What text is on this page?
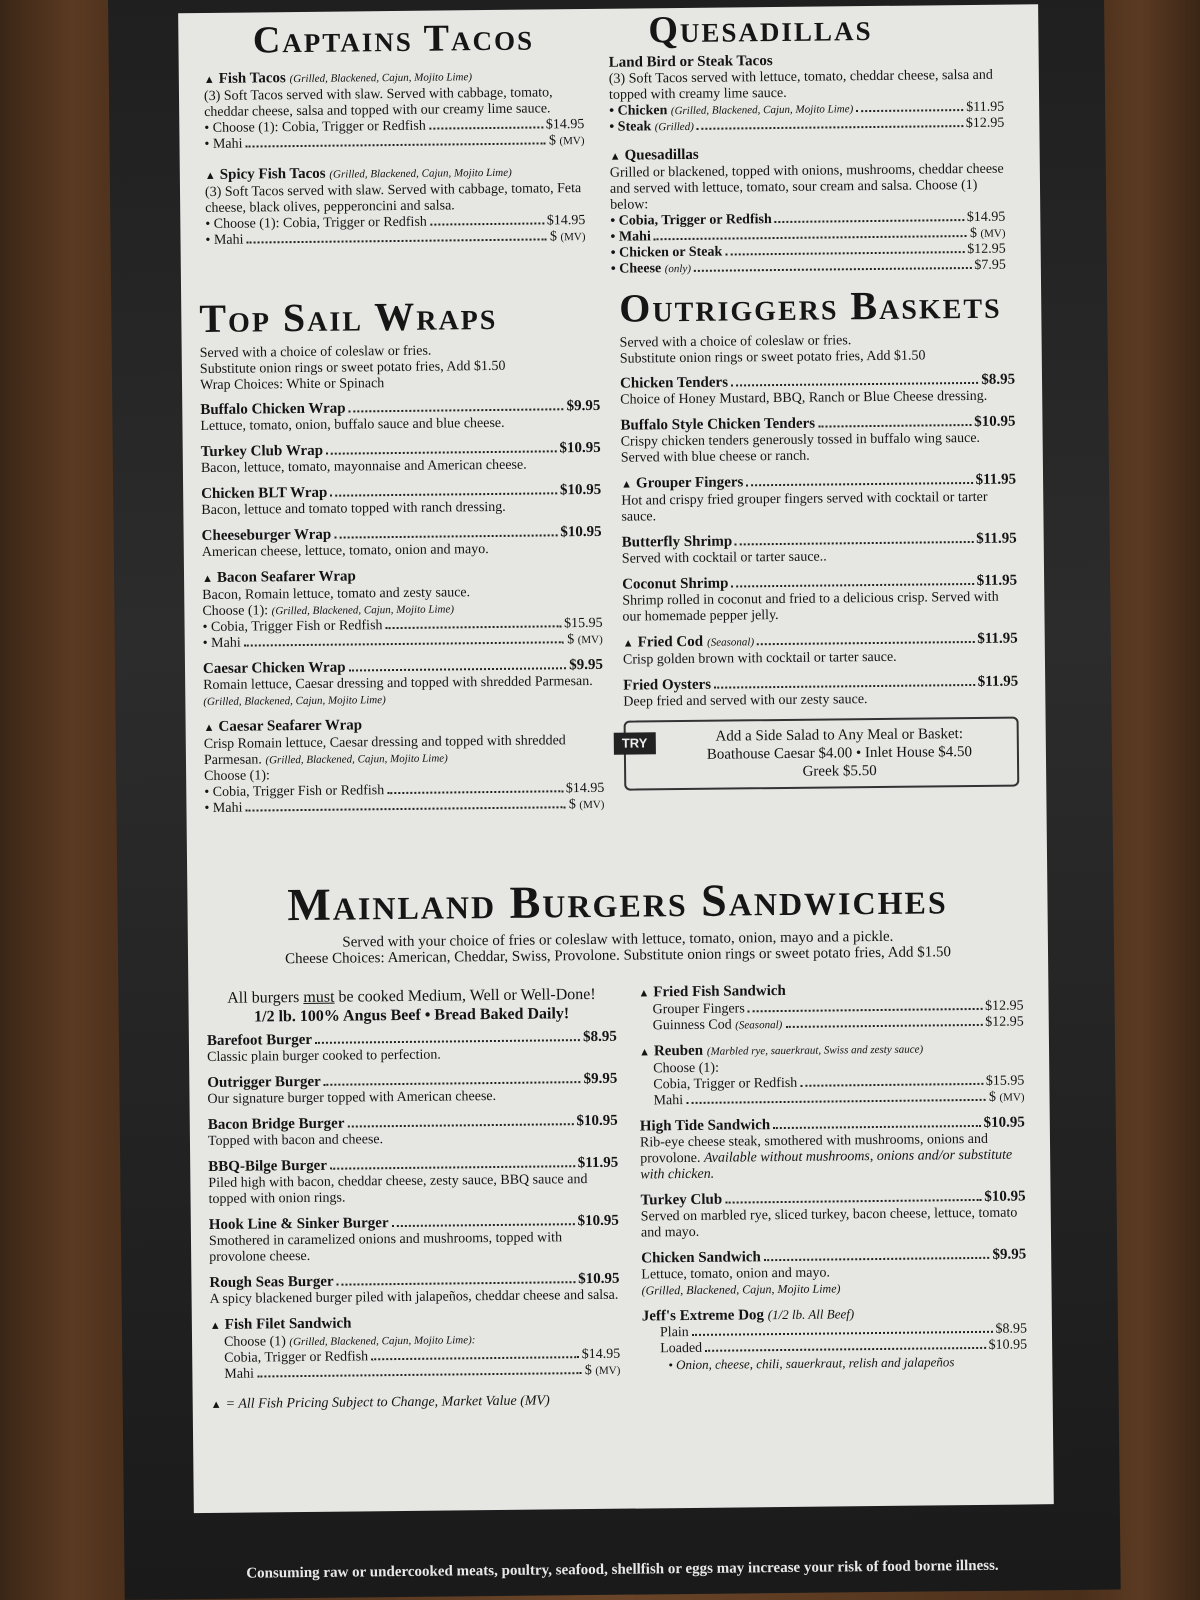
Captains Tacos
▲ Fish Tacos
(Grilled, Blackened, Cajun, Mojito Lime)
(3) Soft Tacos served with slaw. Served with cabbage, tomato, cheddar cheese, salsa and topped with our creamy lime sauce.
• Choose (1): Cobia, Trigger or Redfish	$14.95
• Mahi	$
(MV)
▲ Spicy Fish Tacos
(Grilled, Blackened, Cajun, Mojito Lime)
(3) Soft Tacos served with slaw. Served with cabbage, tomato, Feta cheese, black olives, pepperoncini and salsa.
• Choose (1): Cobia, Trigger or Redfish	$14.95
• Mahi	$
(MV)
Quesadillas
Land Bird or Steak Tacos
(3) Soft Tacos served with lettuce, tomato, cheddar cheese, salsa and topped with creamy lime sauce.
• Chicken
(Grilled, Blackened, Cajun, Mojito Lime)	$11.95
• Steak
(Grilled)	$12.95
▲ Quesadillas
Grilled or blackened, topped with onions, mushrooms, cheddar cheese and served with lettuce, tomato, sour cream and salsa. Choose (1) below:
• Cobia, Trigger or Redfish	$14.95
• Mahi	$
(MV)
• Chicken or Steak	$12.95
• Cheese
(only)	$7.95
Top Sail Wraps
Served with a choice of coleslaw or fries.
Substitute onion rings or sweet potato fries, Add $1.50
Wrap Choices: White or Spinach
Buffalo Chicken Wrap	$9.95
Lettuce, tomato, onion, buffalo sauce and blue cheese.
Turkey Club Wrap	$10.95
Bacon, lettuce, tomato, mayonnaise and American cheese.
Chicken BLT Wrap	$10.95
Bacon, lettuce and tomato topped with ranch dressing.
Cheeseburger Wrap	$10.95
American cheese, lettuce, tomato, onion and mayo.
▲ Bacon Seafarer Wrap
Bacon, Romain lettuce, tomato and zesty sauce.
Choose (1): (Grilled, Blackened, Cajun, Mojito Lime)
• Cobia, Trigger Fish or Redfish	$15.95
• Mahi	$
(MV)
Caesar Chicken Wrap	$9.95
Romain lettuce, Caesar dressing and topped with shredded Parmesan. (Grilled, Blackened, Cajun, Mojito Lime)
▲ Caesar Seafarer Wrap
Crisp Romain lettuce, Caesar dressing and topped with shredded Parmesan. (Grilled, Blackened, Cajun, Mojito Lime)
Choose (1):
• Cobia, Trigger Fish or Redfish	$14.95
• Mahi	$
(MV)
Outriggers Baskets
Served with a choice of coleslaw or fries.
Substitute onion rings or sweet potato fries, Add $1.50
Chicken Tenders	$8.95
Choice of Honey Mustard, BBQ, Ranch or Blue Cheese dressing.
Buffalo Style Chicken Tenders	$10.95
Crispy chicken tenders generously tossed in buffalo wing sauce. Served with blue cheese or ranch.
▲ Grouper Fingers	$11.95
Hot and crispy fried grouper fingers served with cocktail or tarter sauce.
Butterfly Shrimp	$11.95
Served with cocktail or tarter sauce..
Coconut Shrimp	$11.95
Shrimp rolled in coconut and fried to a delicious crisp. Served with our homemade pepper jelly.
▲ Fried Cod (Seasonal)	$11.95
Crisp golden brown with cocktail or tarter sauce.
Fried Oysters	$11.95
Deep fried and served with our zesty sauce.
TRY	Add a Side Salad to Any Meal or Basket:
Boathouse Caesar $4.00 • Inlet House $4.50
Greek $5.50
Mainland Burgers Sandwiches
Served with your choice of fries or coleslaw with lettuce, tomato, onion, mayo and a pickle.
Cheese Choices: American, Cheddar, Swiss, Provolone. Substitute onion rings or sweet potato fries, Add $1.50
All burgers must be cooked Medium, Well or Well-Done!
1/2 lb. 100% Angus Beef • Bread Baked Daily!
Barefoot Burger	$8.95
Classic plain burger cooked to perfection.
Outrigger Burger	$9.95
Our signature burger topped with American cheese.
Bacon Bridge Burger	$10.95
Topped with bacon and cheese.
BBQ-Bilge Burger	$11.95
Piled high with bacon, cheddar cheese, zesty sauce, BBQ sauce and topped with onion rings.
Hook Line & Sinker Burger	$10.95
Smothered in caramelized onions and mushrooms, topped with provolone cheese.
Rough Seas Burger	$10.95
A spicy blackened burger piled with jalapeños, cheddar cheese and salsa.
▲ Fish Filet Sandwich
Choose (1) (Grilled, Blackened, Cajun, Mojito Lime):
Cobia, Trigger or Redfish	$14.95
Mahi	$
(MV)
▲ = All Fish Pricing Subject to Change, Market Value (MV)
▲ Fried Fish Sandwich
Grouper Fingers	$12.95
Guinness Cod
(Seasonal)	$12.95
▲ Reuben
(Marbled rye, sauerkraut, Swiss and zesty sauce)
Choose (1):
Cobia, Trigger or Redfish	$15.95
Mahi	$
(MV)
High Tide Sandwich	$10.95
Rib-eye cheese steak, smothered with mushrooms, onions and provolone. Available without mushrooms, onions and/or substitute with chicken.
Turkey Club	$10.95
Served on marbled rye, sliced turkey, bacon cheese, lettuce, tomato and mayo.
Chicken Sandwich	$9.95
Lettuce, tomato, onion and mayo.
(Grilled, Blackened, Cajun, Mojito Lime)
Jeff's Extreme Dog
(1/2 lb. All Beef)
Plain	$8.95
Loaded	$10.95
• Onion, cheese, chili, sauerkraut, relish and jalapeños
Consuming raw or undercooked meats, poultry, seafood, shellfish or eggs may increase your risk of food borne illness.
